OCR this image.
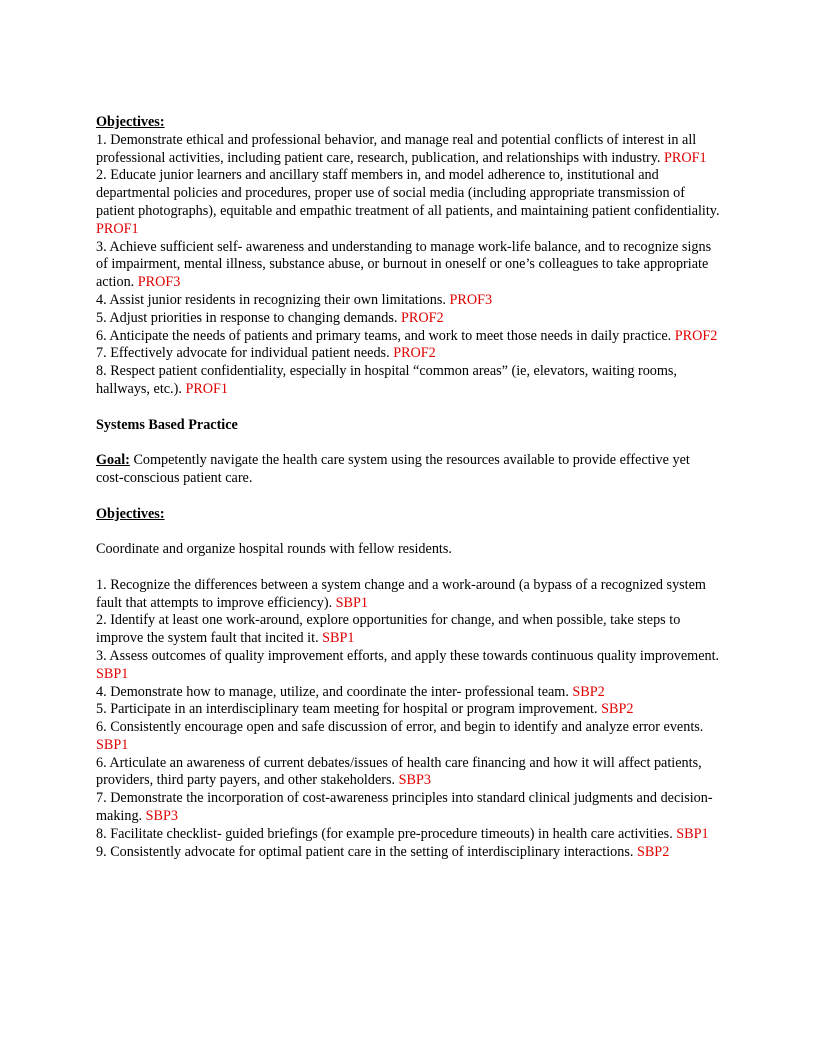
Objectives:

1. Demonstrate ethical and professional behavior, and manage real and potential conflicts of interest in all professional activities, including patient care, research, publication, and relationships with industry. PROF1

2. Educate junior learners and ancillary staff members in, and model adherence to, institutional and departmental policies and procedures, proper use of social media (including appropriate transmission of patient photographs), equitable and empathic treatment of all patients, and maintaining patient confidentiality. PROF1

3. Achieve sufficient self- awareness and understanding to manage work-life balance, and to recognize signs of impairment, mental illness, substance abuse, or burnout in oneself or one’s colleagues to take appropriate action. PROF3

4. Assist junior residents in recognizing their own limitations. PROF3

5. Adjust priorities in response to changing demands. PROF2

6. Anticipate the needs of patients and primary teams, and work to meet those needs in daily practice. PROF2

7. Effectively advocate for individual patient needs. PROF2

8. Respect patient confidentiality, especially in hospital “common areas” (ie, elevators, waiting rooms, hallways, etc.). PROF1

Systems Based Practice

Goal: Competently navigate the health care system using the resources available to provide effective yet cost-conscious patient care.

Objectives:

Coordinate and organize hospital rounds with fellow residents.

1. Recognize the differences between a system change and a work-around (a bypass of a recognized system fault that attempts to improve efficiency). SBP1

2. Identify at least one work-around, explore opportunities for change, and when possible, take steps to improve the system fault that incited it. SBP1

3. Assess outcomes of quality improvement efforts, and apply these towards continuous quality improvement. SBP1

4. Demonstrate how to manage, utilize, and coordinate the inter- professional team. SBP2

5. Participate in an interdisciplinary team meeting for hospital or program improvement. SBP2

6. Consistently encourage open and safe discussion of error, and begin to identify and analyze error events. SBP1

6. Articulate an awareness of current debates/issues of health care financing and how it will affect patients, providers, third party payers, and other stakeholders. SBP3

7. Demonstrate the incorporation of cost-awareness principles into standard clinical judgments and decision-making. SBP3

8. Facilitate checklist- guided briefings (for example pre-procedure timeouts) in health care activities. SBP1

9. Consistently advocate for optimal patient care in the setting of interdisciplinary interactions. SBP2
